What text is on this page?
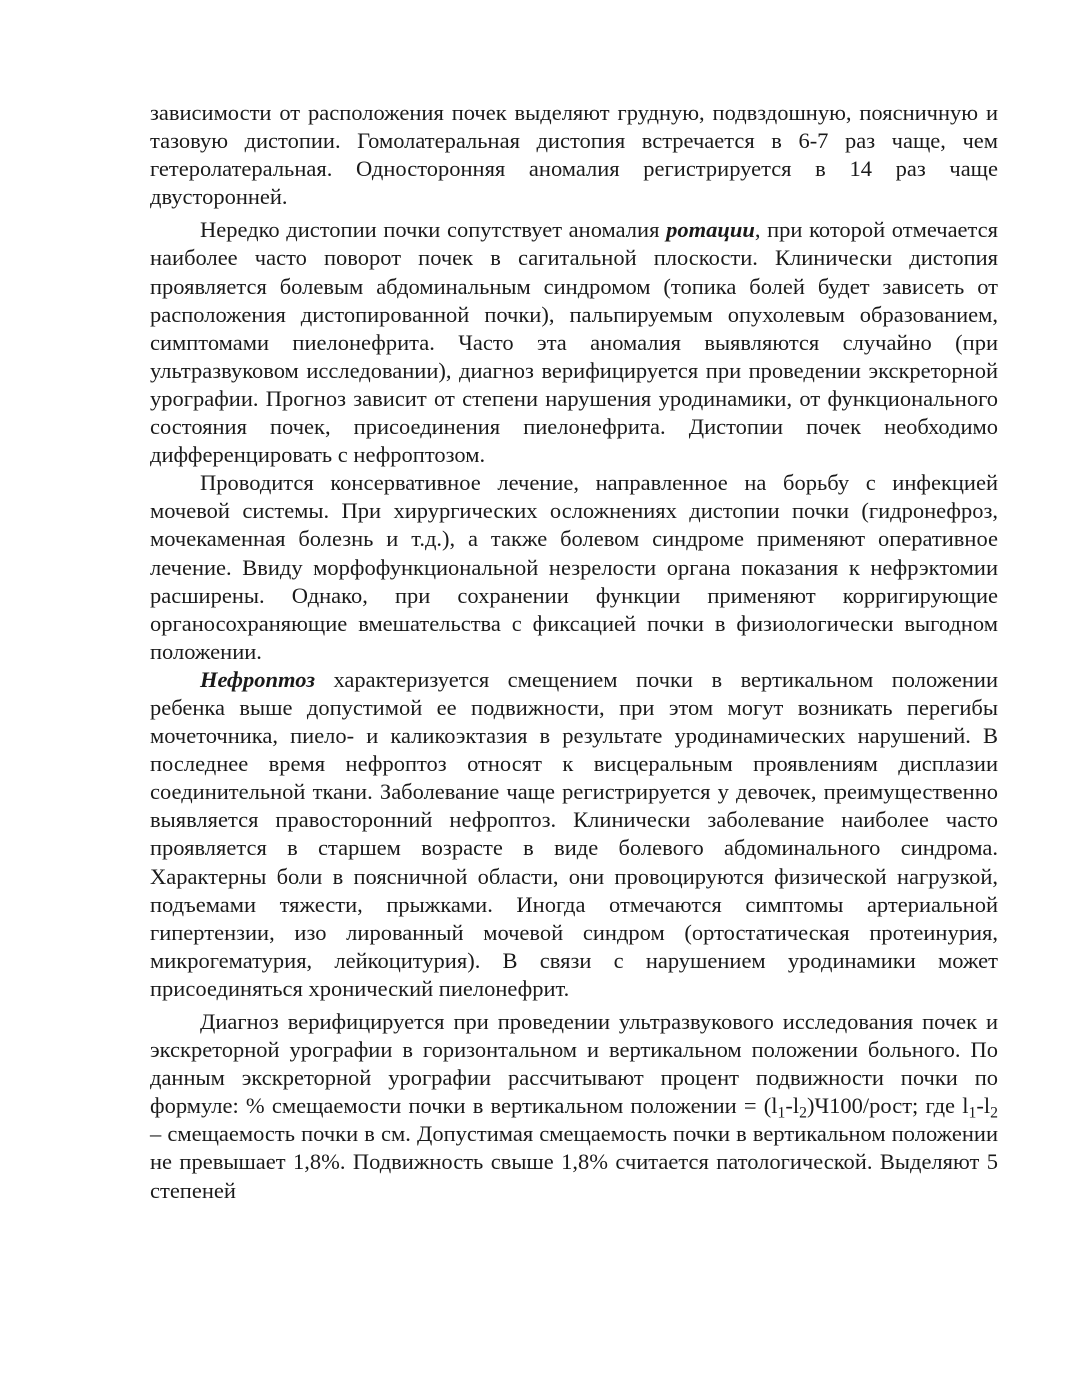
зависимости от расположения почек выделяют грудную, подвздошную, поясничную и тазовую дистопии. Гомолатеральная дистопия встречается в 6-7 раз чаще, чем гетеролатеральная. Односторонняя аномалия регистрируется в 14 раз чаще двусторонней.

Нередко дистопии почки сопутствует аномалия ротации, при которой отмечается наиболее часто поворот почек в сагитальной плоскости. Клинически дистопия проявляется болевым абдоминальным синдромом (топика болей будет зависеть от расположения дистопированной почки), пальпируемым опухолевым образованием, симптомами пиелонефрита. Часто эта аномалия выявляются случайно (при ультразвуковом исследовании), диагноз верифицируется при проведении экскреторной урографии. Прогноз зависит от степени нарушения уродинамики, от функционального состояния почек, присоединения пиелонефрита. Дистопии почек необходимо дифференцировать с нефроптозом.

Проводится консервативное лечение, направленное на борьбу с инфекцией мочевой системы. При хирургических осложнениях дистопии почки (гидронефроз, мочекаменная болезнь и т.д.), а также болевом синдроме применяют оперативное лечение. Ввиду морфофункциональной незрелости органа показания к нефрэктомии расширены. Однако, при сохранении функции применяют корригирующие органосохраняющие вмешательства с фиксацией почки в физиологически выгодном положении.

Нефроптоз характеризуется смещением почки в вертикальном положении ребенка выше допустимой ее подвижности, при этом могут возникать перегибы мочеточника, пиело- и каликоэктазия в результате уродинамических нарушений. В последнее время нефроптоз относят к висцеральным проявлениям дисплазии соединительной ткани. Заболевание чаще регистрируется у девочек, преимущественно выявляется правосторонний нефроптоз. Клинически заболевание наиболее часто проявляется в старшем возрасте в виде болевого абдоминального синдрома. Характерны боли в поясничной области, они провоцируются физической нагрузкой, подъемами тяжести, прыжками. Иногда отмечаются симптомы артериальной гипертензии, изо лированный мочевой синдром (ортостатическая протеинурия, микрогематурия, лейкоцитурия). В связи с нарушением уродинамики может присоединяться хронический пиелонефрит.

Диагноз верифицируется при проведении ультразвукового исследования почек и экскреторной урографии в горизонтальном и вертикальном положении больного. По данным экскреторной урографии рассчитывают процент подвижности почки по формуле: % смещаемости почки в вертикальном положении = $(l_1-l_2)Ч100$/рост; где $l_1-l_2$ – смещаемость почки в см. Допустимая смещаемость почки в вертикальном положении не превышает 1,8%. Подвижность свыше 1,8% считается патологической. Выделяют 5 степеней
